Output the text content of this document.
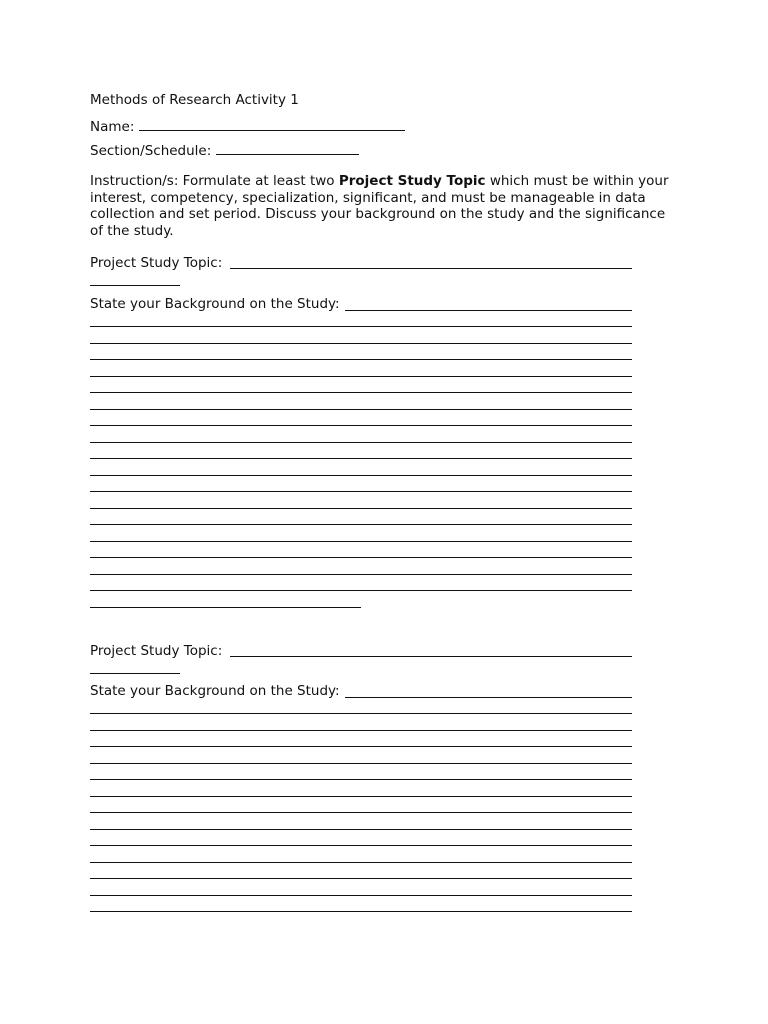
Methods of Research Activity 1
Name:
Section/Schedule:
Instruction/s: Formulate at least two Project Study Topic which must be within your interest, competency, specialization, significant, and must be manageable in data collection and set period. Discuss your background on the study and the significance of the study.
Project Study Topic:
State your Background on the Study:
Project Study Topic:
State your Background on the Study:
